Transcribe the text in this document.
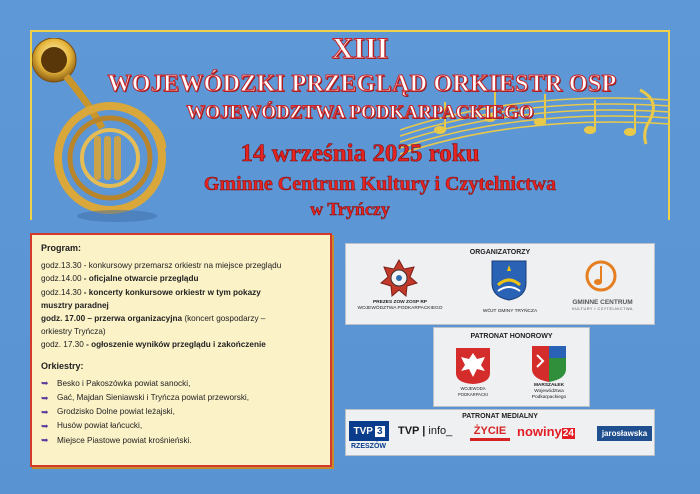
XIII
WOJEWÓDZKI PRZEGLĄD ORKIESTR OSP
WOJEWÓDZTWA PODKARPACKIEGO
14 września 2025 roku
Gminne Centrum Kultury i Czytelnictwa
w Tryńczy
Program:
godz.13.30 - konkursowy przemarsz orkiestr na miejsce przeglądu
godz.14.00 - oficjalne otwarcie przeglądu
godz.14.30 - koncerty konkursowe orkiestr w tym pokazy
musztry paradnej
godz. 17.00 – przerwa organizacyjna (koncert gospodarzy –
orkiestry Tryńcza)
godz. 17.30 - ogłoszenie wyników przeglądu i zakończenie
Orkiestry:
➥ Besko i Pakoszówka powiat sanocki,
➥ Gać, Majdan Sieniawski i Tryńcza powiat przeworski,
➥ Grodzisko Dolne powiat leżajski,
➥ Husów powiat łańcucki,
➥ Miejsce Piastowe powiat krośnieński.
ORGANIZATORZY
PREZES ZOW ZOSP RP
WOJEWÓDZTWA PODKARPACKIEGO
WÓJT GMINY TRYŃCZA
GMINNE CENTRUM
KULTURY I CZYTELNICTWA
PATRONAT HONOROWY
WOJEWODA
PODKARPACKI
MARSZAŁEK
Województwa
Podkarpackiego
PATRONAT MEDIALNY
TVP 3
RZESZÓW
TVP | info_	ŻYCIE nowiny24	jarosławska
